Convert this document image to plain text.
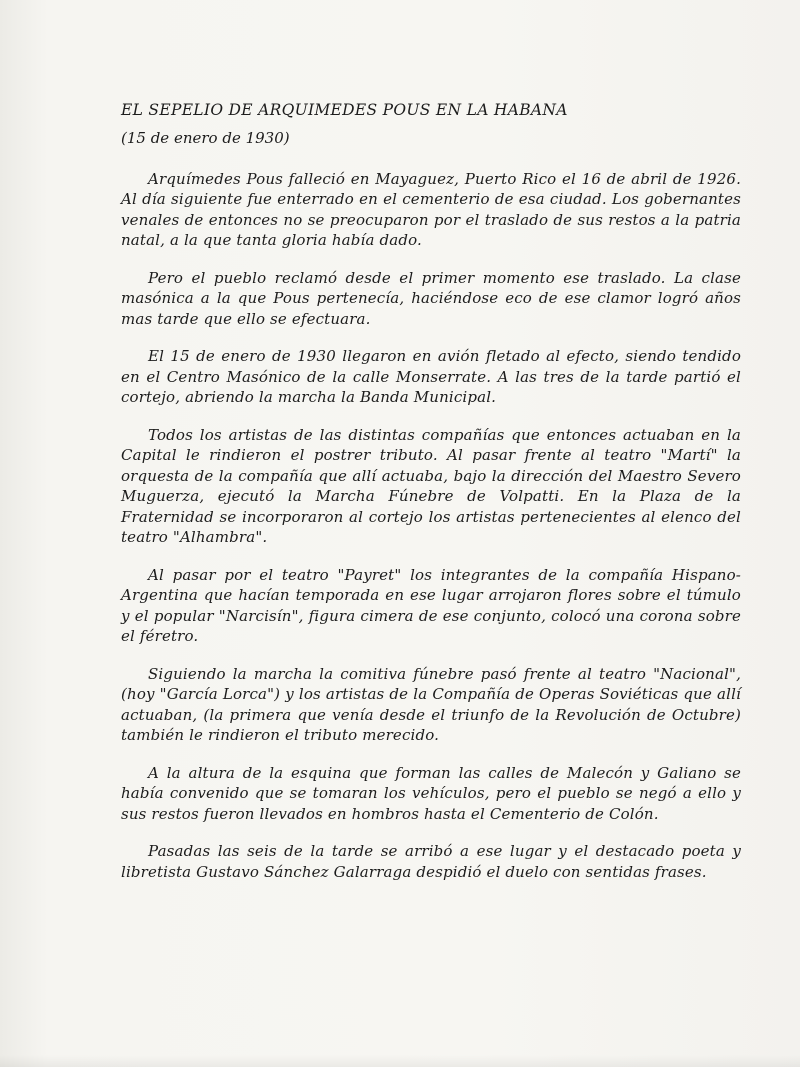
EL SEPELIO DE ARQUIMEDES POUS EN LA HABANA
(15 de enero de 1930)

Arquímedes Pous falleció en Mayaguez, Puerto Rico el 16 de abril de 1926. Al día siguiente fue enterrado en el cementerio de esa ciudad. Los gobernantes venales de entonces no se preocuparon por el traslado de sus restos a la patria natal, a la que tanta gloria había dado.

Pero el pueblo reclamó desde el primer momento ese traslado. La clase masónica a la que Pous pertenecía, haciéndose eco de ese clamor logró años mas tarde que ello se efectuara.

El 15 de enero de 1930 llegaron en avión fletado al efecto, siendo tendido en el Centro Masónico de la calle Monserrate. A las tres de la tarde partió el cortejo, abriendo la marcha la Banda Municipal.

Todos los artistas de las distintas compañías que entonces actuaban en la Capital le rindieron el postrer tributo. Al pasar frente al teatro "Martí" la orquesta de la compañía que allí actuaba, bajo la dirección del Maestro Severo Muguerza, ejecutó la Marcha Fúnebre de Volpatti. En la Plaza de la Fraternidad se incorporaron al cortejo los artistas pertenecientes al elenco del teatro "Alhambra".

Al pasar por el teatro "Payret" los integrantes de la compañía Hispano-Argentina que hacían temporada en ese lugar arrojaron flores sobre el túmulo y el popular "Narcisín", figura cimera de ese conjunto, colocó una corona sobre el féretro.

Siguiendo la marcha la comitiva fúnebre pasó frente al teatro "Nacional", (hoy "García Lorca") y los artistas de la Compañía de Operas Soviéticas que allí actuaban, (la primera que venía desde el triunfo de la Revolución de Octubre) también le rindieron el tributo merecido.

A la altura de la esquina que forman las calles de Malecón y Galiano se había convenido que se tomaran los vehículos, pero el pueblo se negó a ello y sus restos fueron llevados en hombros hasta el Cementerio de Colón.

Pasadas las seis de la tarde se arribó a ese lugar y el destacado poeta y libretista Gustavo Sánchez Galarraga despidió el duelo con sentidas frases.
